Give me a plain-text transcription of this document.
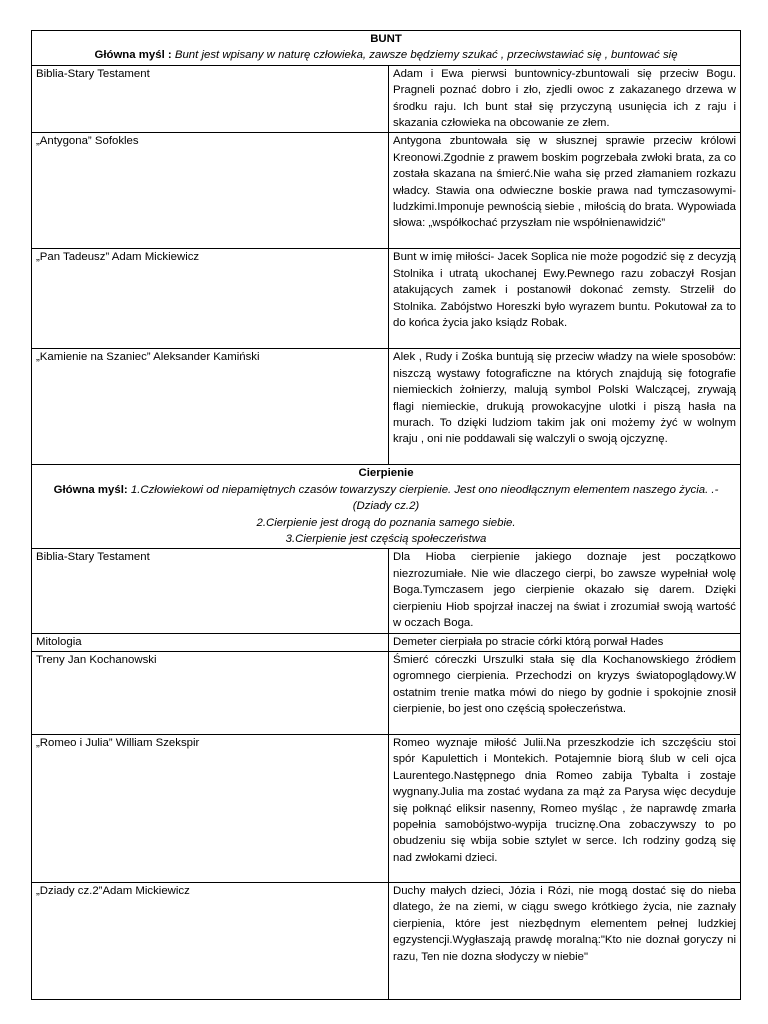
BUNT
Główna myśl : Bunt jest wpisany w naturę człowieka, zawsze będziemy szukać , przeciwstawiać się , buntować się	

Biblia-Stary Testament	Adam i Ewa pierwsi buntownicy-zbuntowali się przeciw Bogu. Pragneli poznać dobro i zło, zjedli owoc z zakazanego drzewa w środku raju. Ich bunt stał się przyczyną usunięcia ich z raju i skazania człowieka na obcowanie ze złem.
„Antygona” Sofokles	Antygona zbuntowała się w słusznej sprawie przeciw królowi Kreonowi.Zgodnie z prawem boskim pogrzebała zwłoki brata, za co została skazana na śmierć.Nie waha się przed złamaniem rozkazu władcy. Stawia ona odwieczne boskie prawa nad tymczasowymi-ludzkimi.Imponuje pewnością siebie , miłością do brata. Wypowiada słowa: „współkochać przyszłam nie współnienawidzić”
„Pan Tadeusz” Adam Mickiewicz	Bunt w imię miłości- Jacek Soplica nie może pogodzić się z decyzją Stolnika i utratą ukochanej Ewy.Pewnego razu zobaczył Rosjan atakujących zamek i postanowił dokonać zemsty. Strzelił do Stolnika. Zabójstwo Horeszki było wyrazem buntu. Pokutował za to do końca życia jako ksiądz Robak.
„Kamienie na Szaniec” Aleksander Kamiński	Alek , Rudy i Zośka buntują się przeciw władzy na wiele sposobów: niszczą wystawy fotograficzne na których znajdują się fotografie niemieckich żołnierzy, malują symbol Polski Walczącej, zrywają flagi niemieckie, drukują prowokacyjne ulotki i piszą hasła na murach. To dzięki ludziom takim jak oni możemy żyć w wolnym kraju , oni nie poddawali się walczyli o swoją ojczyznę.

Cierpienie
Główna myśl: 1.Człowiekowi od niepamiętnych czasów towarzyszy cierpienie. Jest ono nieodłącznym elementem naszego życia. .-(Dziady cz.2)
2.Cierpienie jest drogą do poznania samego siebie.
3.Cierpienie jest częścią społeczeństwa	

Biblia-Stary Testament	Dla Hioba cierpienie jakiego doznaje jest początkowo niezrozumiałe. Nie wie dlaczego cierpi, bo zawsze wypełniał wolę Boga.Tymczasem jego cierpienie okazało się darem. Dzięki cierpieniu Hiob spojrzał inaczej na świat i zrozumiał swoją wartość w oczach Boga.
Mitologia	Demeter cierpiała po stracie córki którą porwał Hades
Treny Jan Kochanowski	Śmierć córeczki Urszulki stała się dla Kochanowskiego źródłem ogromnego cierpienia. Przechodzi on kryzys światopoglądowy.W ostatnim trenie matka mówi do niego by godnie i spokojnie znosił cierpienie, bo jest ono częścią społeczeństwa.
„Romeo i Julia” William Szekspir	Romeo wyznaje miłość Julii.Na przeszkodzie ich szczęściu stoi spór Kapulettich i Montekich. Potajemnie biorą ślub w celi ojca Laurentego.Następnego dnia Romeo zabija Tybalta i zostaje wygnany.Julia ma zostać wydana za mąż za Parysa więc decyduje się połknąć eliksir nasenny, Romeo myśląc , że naprawdę zmarła popełnia samobójstwo-wypija truciznę.Ona zobaczywszy to po obudzeniu się wbija sobie sztylet w serce. Ich rodziny godzą się nad zwłokami dzieci.
„Dziady cz.2”Adam Mickiewicz	Duchy małych dzieci, Józia i Rózi, nie mogą dostać się do nieba dlatego, że na ziemi, w ciągu swego krótkiego życia, nie zaznały cierpienia, które jest niezbędnym elementem pełnej ludzkiej egzystencji.Wygłaszają prawdę moralną:"Kto nie doznał goryczy ni razu, Ten nie dozna słodyczy w niebie"
